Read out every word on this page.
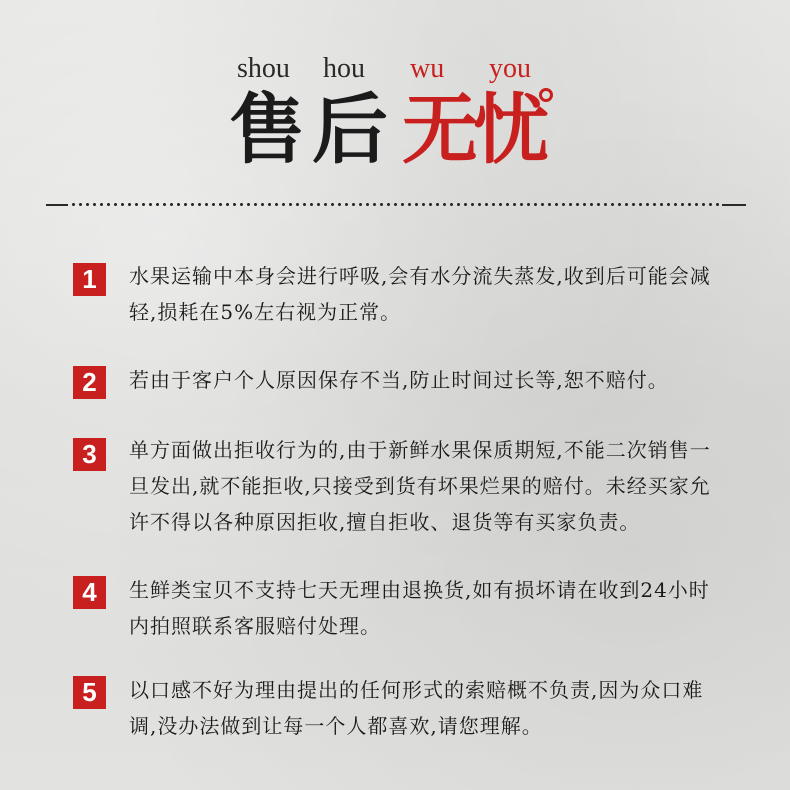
shou hou wu you
售 后 无
忧
1	水果运输中本身会进行呼吸,会有水分流失蒸发,收到后可能会减轻,损耗在5%左右视为正常。

2	若由于客户个人原因保存不当,防止时间过长等,恕不赔付。

3	单方面做出拒收行为的,由于新鲜水果保质期短,不能二次销售一旦发出,就不能拒收,只接受到货有坏果烂果的赔付。未经买家允许不得以各种原因拒收,擅自拒收、退货等有买家负责。

4	生鲜类宝贝不支持七天无理由退换货,如有损坏请在收到24小时内拍照联系客服赔付处理。

5	以口感不好为理由提出的任何形式的索赔概不负责,因为众口难调,没办法做到让每一个人都喜欢,请您理解。
